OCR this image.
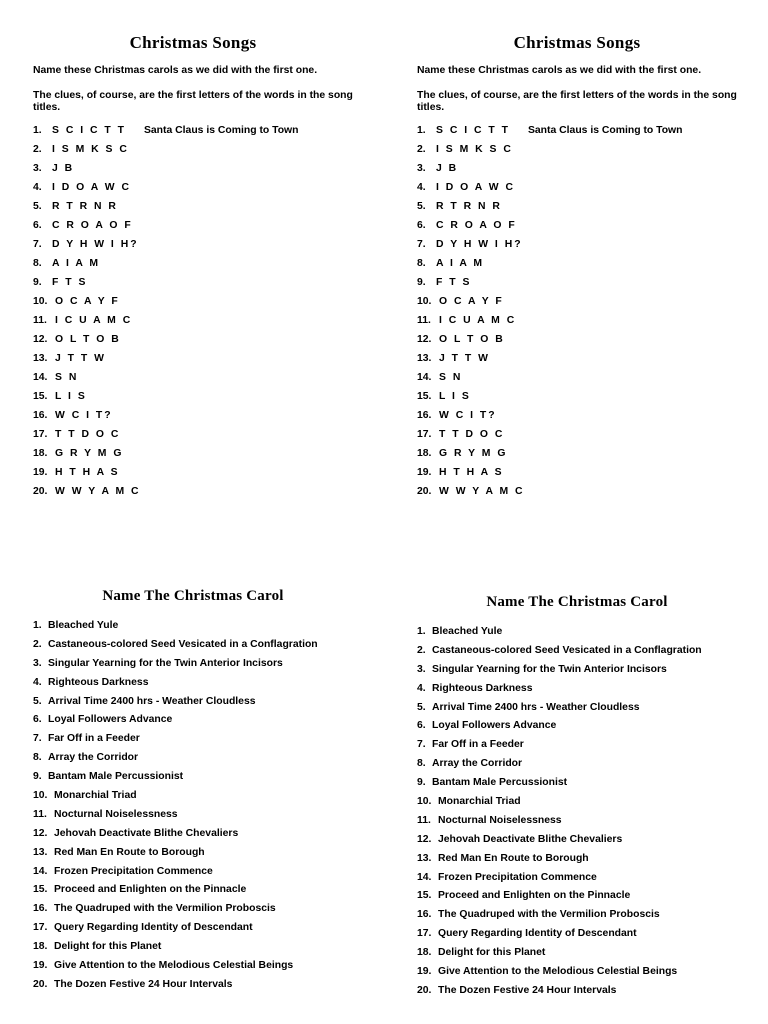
Christmas Songs

Name these Christmas carols as we did with the first one.

The clues, of course, are the first letters of the words in the song titles.

1. S C I C T T Santa Claus is Coming to Town
2. I S M K S C
3. J B
4. I D O A W C
5. R T R N R
6. C R O A O F
7. D Y H W I H?
8. A I A M
9. F T S
10. O C A Y F
11. I C U A M C
12. O L T O B
13. J T T W
14. S N
15. L I S
16. W C I T?
17. T T D O C
18. G R Y M G
19. H T H A S
20. W W Y A M C
Christmas Songs

Name these Christmas carols as we did with the first one.

The clues, of course, are the first letters of the words in the song titles.

1. S C I C T T Santa Claus is Coming to Town
2. I S M K S C
3. J B
4. I D O A W C
5. R T R N R
6. C R O A O F
7. D Y H W I H?
8. A I A M
9. F T S
10. O C A Y F
11. I C U A M C
12. O L T O B
13. J T T W
14. S N
15. L I S
16. W C I T?
17. T T D O C
18. G R Y M G
19. H T H A S
20. W W Y A M C
Name The Christmas Carol
1. Bleached Yule
2. Castaneous-colored Seed Vesicated in a Conflagration
3. Singular Yearning for the Twin Anterior Incisors
4. Righteous Darkness
5. Arrival Time 2400 hrs - Weather Cloudless
6. Loyal Followers Advance
7. Far Off in a Feeder
8. Array the Corridor
9. Bantam Male Percussionist
10. Monarchial Triad
11. Nocturnal Noiselessness
12. Jehovah Deactivate Blithe Chevaliers
13. Red Man En Route to Borough
14. Frozen Precipitation Commence
15. Proceed and Enlighten on the Pinnacle
16. The Quadruped with the Vermilion Proboscis
17. Query Regarding Identity of Descendant
18. Delight for this Planet
19. Give Attention to the Melodious Celestial Beings
20. The Dozen Festive 24 Hour Intervals
Name The Christmas Carol
1. Bleached Yule
2. Castaneous-colored Seed Vesicated in a Conflagration
3. Singular Yearning for the Twin Anterior Incisors
4. Righteous Darkness
5. Arrival Time 2400 hrs - Weather Cloudless
6. Loyal Followers Advance
7. Far Off in a Feeder
8. Array the Corridor
9. Bantam Male Percussionist
10. Monarchial Triad
11. Nocturnal Noiselessness
12. Jehovah Deactivate Blithe Chevaliers
13. Red Man En Route to Borough
14. Frozen Precipitation Commence
15. Proceed and Enlighten on the Pinnacle
16. The Quadruped with the Vermilion Proboscis
17. Query Regarding Identity of Descendant
18. Delight for this Planet
19. Give Attention to the Melodious Celestial Beings
20. The Dozen Festive 24 Hour Intervals
